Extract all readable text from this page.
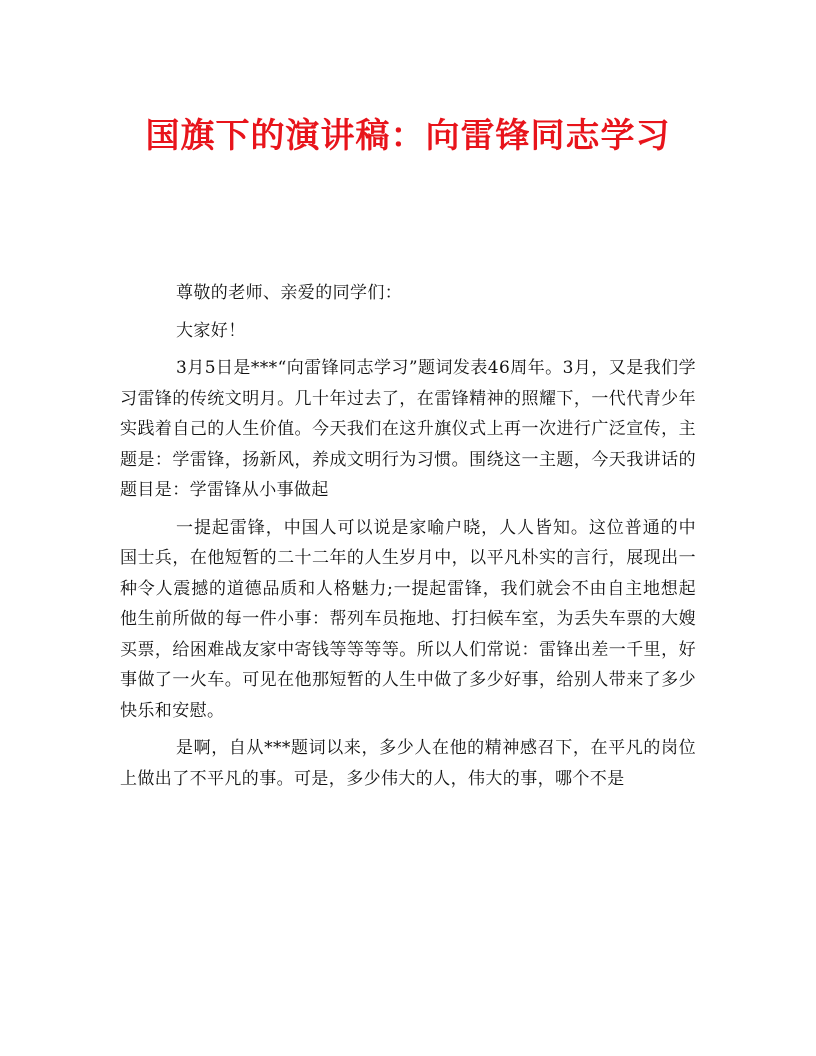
国旗下的演讲稿：向雷锋同志学习

尊敬的老师、亲爱的同学们：

大家好！

3月5日是***“向雷锋同志学习”题词发表46周年。3月，又是我们学习雷锋的传统文明月。几十年过去了，在雷锋精神的照耀下，一代代青少年实践着自己的人生价值。今天我们在这升旗仪式上再一次进行广泛宣传，主题是：学雷锋，扬新风，养成文明行为习惯。围绕这一主题，今天我讲话的题目是：学雷锋从小事做起

一提起雷锋，中国人可以说是家喻户晓，人人皆知。这位普通的中国士兵，在他短暂的二十二年的人生岁月中，以平凡朴实的言行，展现出一种令人震撼的道德品质和人格魅力;一提起雷锋，我们就会不由自主地想起他生前所做的每一件小事：帮列车员拖地、打扫候车室，为丢失车票的大嫂买票，给困难战友家中寄钱等等等等。所以人们常说：雷锋出差一千里，好事做了一火车。可见在他那短暂的人生中做了多少好事，给别人带来了多少快乐和安慰。

是啊，自从***题词以来，多少人在他的精神感召下，在平凡的岗位上做出了不平凡的事。可是，多少伟大的人，伟大的事，哪个不是
